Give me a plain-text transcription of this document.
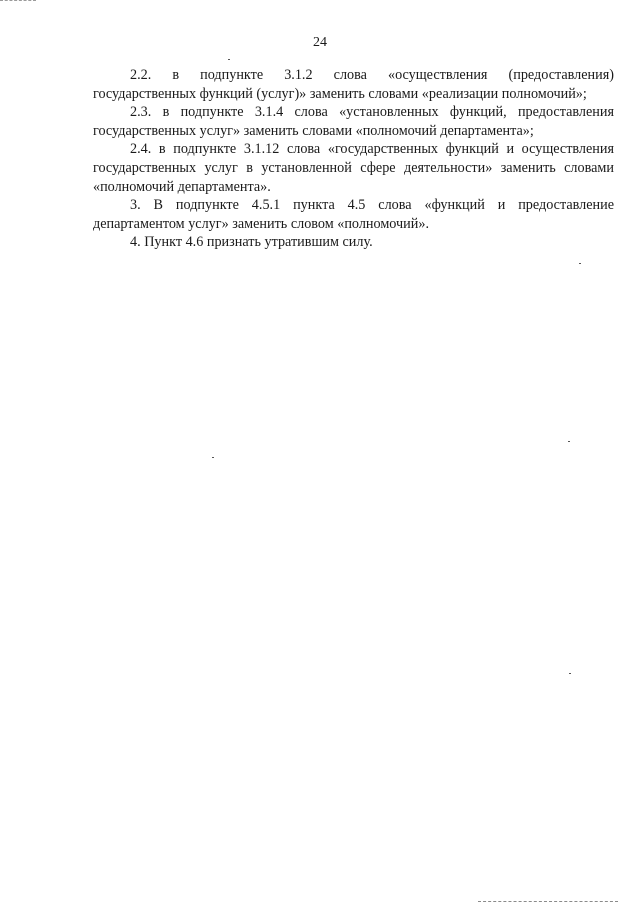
24

2.2. в подпункте 3.1.2 слова «осуществления (предоставления) государственных функций (услуг)» заменить словами «реализации полномочий»;

2.3. в подпункте 3.1.4 слова «установленных функций, предоставления государственных услуг» заменить словами «полномочий департамента»;

2.4. в подпункте 3.1.12 слова «государственных функций и осуществления государственных услуг в установленной сфере деятельности» заменить словами «полномочий департамента».

3. В подпункте 4.5.1 пункта 4.5 слова «функций и предоставление департаментом услуг» заменить словом «полномочий».

4. Пункт 4.6 признать утратившим силу.
